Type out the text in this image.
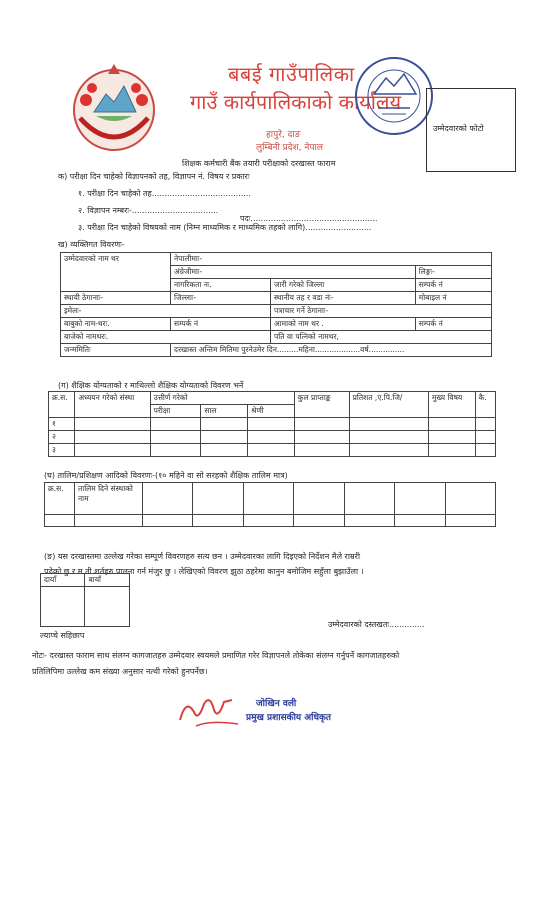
बबई गाउँपालिका
गाउँ कार्यपालिकाको कार्यालय
हापुरे, दाङ
लुम्बिनी प्रदेश, नेपाल
उम्मेदवारको फोटो
शिक्षक कर्मचारी बैंक तयारी परीक्षाको दरखास्त फाराम
क) परीक्षा दिन चाहेको विज्ञापनको तह, विज्ञापन नं. विषय र प्रकारः
१. परीक्षा दिन चाहेको तह.......................................
२. विज्ञापन नम्बरः-..................................
पदः..................................................
३. परीक्षा दिन चाहेको विषयको नाम (निम्न माध्यमिक र माध्यमिक तहको लागि)..........................
ख) व्यक्तिगत विवरणः-
उम्मेदवारको नाम थर	नेपालीमाः-		
	अंग्रेजीमाः-		लिङ्गः-
	नागरिकता नः.	जारी गरेको जिल्ला	सम्पर्क नं
स्थायी ठेगानाः-	जिल्लाः-	स्थानीय तह र वडा नंः-	मोबाइल नं
इमेलः-		पत्राचार गर्ने ठेगानाः-	
बाबुको नाम-थरः.	सम्पर्क नं	आमाको नाम थर .	सम्पर्क नं
बाजेको नामथरः.		पति वा पत्निको नामथर,	
जन्ममितिः	दरखास्त अन्तिम मितिमा पुरनेउमेर दिन.........महिना...................वर्ष...............		
(ग) शैक्षिक योग्यताको र माथिल्लो शैक्षिक योग्यताको विवरण भर्ने
क्र.स.	अध्ययन गरेको संस्था	उत्तीर्ण गरेको			कुल प्राप्ताङ्क	प्रतिशत ,ए.पि.जि/	मुख्य विषय	कै.
		परीक्षा	साल	श्रेणी				
१								
२								
३								
(घ) तालिम/प्रशिक्षण आदिको विवरणः-(१० महिने वा सो सरहको शैक्षिक तालिम मात्र)
क्र.स.	तालिम दिने संस्थाको नाम							

(ङ) यस दरखास्तमा उल्लेख गरेका सम्पूर्ण विवरणहरु सत्य छन । उम्मेदवारका लागि दिइएको निर्देशन मैले राम्ररी
पढेको छु र म ती शर्तहरु पालना गर्न मंजुर छु । लेखिएको विवरण झुठा ठहरेमा कानुन बमोजिम सहुँला बुझाउँला ।
दायाँ	बायाँ

ल्याप्चे सहिछाप
उम्मेदवारको दस्तखतः..............
नोटः- दरखास्त फाराम साथ संलग्न कागजातहरु उम्मेदवार स्वयमले प्रमाणित गरेर विज्ञापनले तोकेका संलग्न गर्नुपर्ने कागजातहरुको
प्रतिलिपिमा उल्लेख कम संख्या अनुसार नत्थी गरेको हुनपर्नेछ।
जोखिन वली
प्रमुख प्रशासकीय अधिकृत
